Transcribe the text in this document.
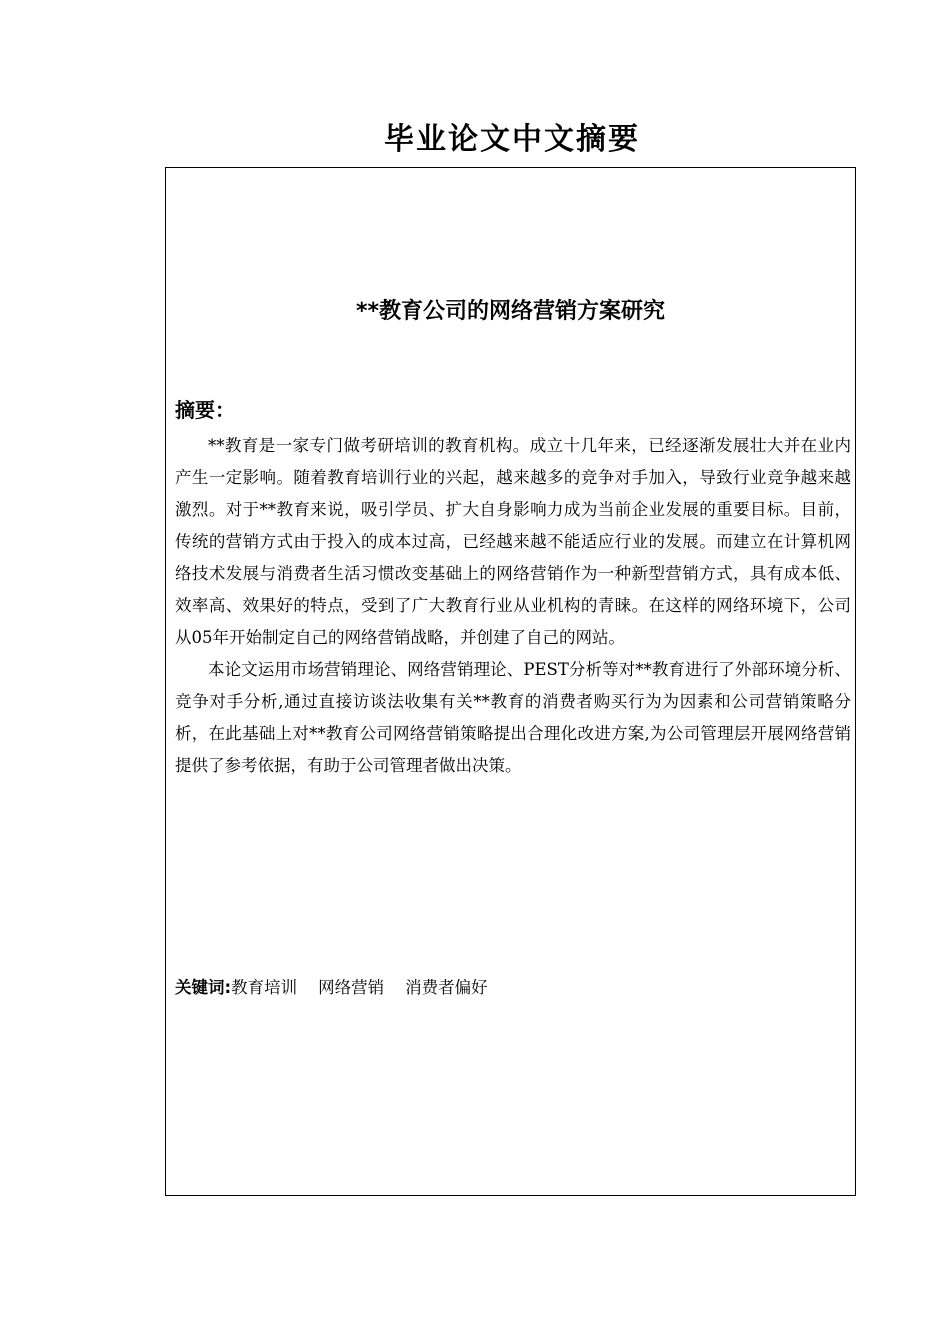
毕业论文中文摘要
**教育公司的网络营销方案研究
摘要：

**教育是一家专门做考研培训的教育机构。成立十几年来，已经逐渐发展壮大并在业内产生一定影响。随着教育培训行业的兴起，越来越多的竞争对手加入，导致行业竞争越来越激烈。对于**教育来说，吸引学员、扩大自身影响力成为当前企业发展的重要目标。目前，传统的营销方式由于投入的成本过高，已经越来越不能适应行业的发展。而建立在计算机网络技术发展与消费者生活习惯改变基础上的网络营销作为一种新型营销方式，具有成本低、效率高、效果好的特点，受到了广大教育行业从业机构的青睐。在这样的网络环境下，公司从05年开始制定自己的网络营销战略，并创建了自己的网站。

本论文运用市场营销理论、网络营销理论、PEST分析等对**教育进行了外部环境分析、竞争对手分析,通过直接访谈法收集有关**教育的消费者购买行为为因素和公司营销策略分析，在此基础上对**教育公司网络营销策略提出合理化改进方案,为公司管理层开展网络营销提供了参考依据，有助于公司管理者做出决策。

关键词:教育培训    网络营销    消费者偏好
